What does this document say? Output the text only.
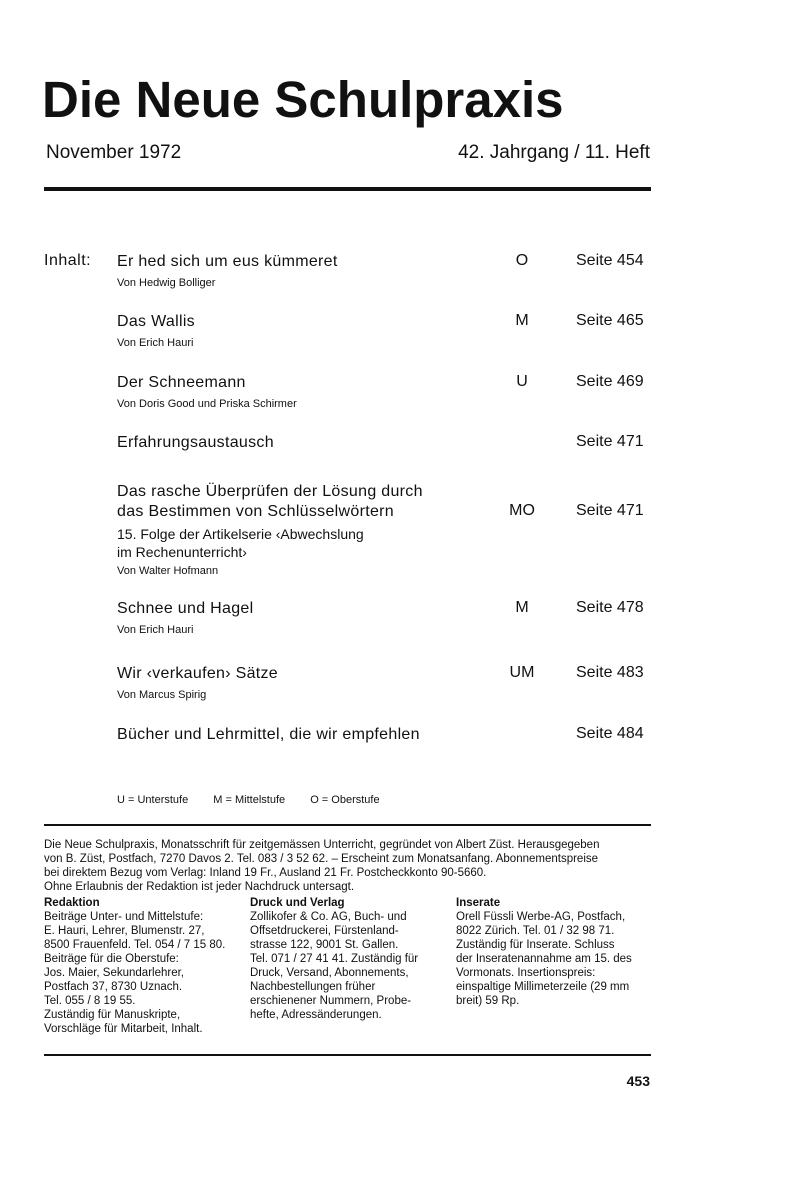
Die Neue Schulpraxis
November 1972	42. Jahrgang / 11. Heft
Inhalt: Er hed sich um eus kümmeret
Von Hedwig Bolliger
O	Seite 454
Das Wallis
Von Erich Hauri
M	Seite 465
Der Schneemann
Von Doris Good und Priska Schirmer
U	Seite 469
Erfahrungsaustausch	Seite 471
Das rasche Überprüfen der Lösung durch
das Bestimmen von Schlüsselwörtern
15. Folge der Artikelserie ‹Abwechslung
im Rechenunterricht›
Von Walter Hofmann
MO	Seite 471
Schnee und Hagel
Von Erich Hauri
M	Seite 478
Wir ‹verkaufen› Sätze
Von Marcus Spirig
UM	Seite 483
Bücher und Lehrmittel, die wir empfehlen	Seite 484
U = Unterstufe M = Mittelstufe O = Oberstufe
Die Neue Schulpraxis, Monatsschrift für zeitgemässen Unterricht, gegründet von Albert Züst. Herausgegeben
von B. Züst, Postfach, 7270 Davos 2. Tel. 083 / 3 52 62. – Erscheint zum Monatsanfang. Abonnementspreise
bei direktem Bezug vom Verlag: Inland 19 Fr., Ausland 21 Fr. Postcheckkonto 90-5660.
Ohne Erlaubnis der Redaktion ist jeder Nachdruck untersagt.
Redaktion
Beiträge Unter- und Mittelstufe:
E. Hauri, Lehrer, Blumenstr. 27,
8500 Frauenfeld. Tel. 054 / 7 15 80.
Beiträge für die Oberstufe:
Jos. Maier, Sekundarlehrer,
Postfach 37, 8730 Uznach.
Tel. 055 / 8 19 55.
Zuständig für Manuskripte,
Vorschläge für Mitarbeit, Inhalt.
Druck und Verlag
Zollikofer & Co. AG, Buch- und
Offsetdruckerei, Fürstenland-
strasse 122, 9001 St. Gallen.
Tel. 071 / 27 41 41. Zuständig für
Druck, Versand, Abonnements,
Nachbestellungen früher
erschienener Nummern, Probe-
hefte, Adressänderungen.
Inserate
Orell Füssli Werbe-AG, Postfach,
8022 Zürich. Tel. 01 / 32 98 71.
Zuständig für Inserate. Schluss
der Inseratenannahme am 15. des
Vormonats. Insertionspreis:
einspaltige Millimeterzeile (29 mm
breit) 59 Rp.
453
